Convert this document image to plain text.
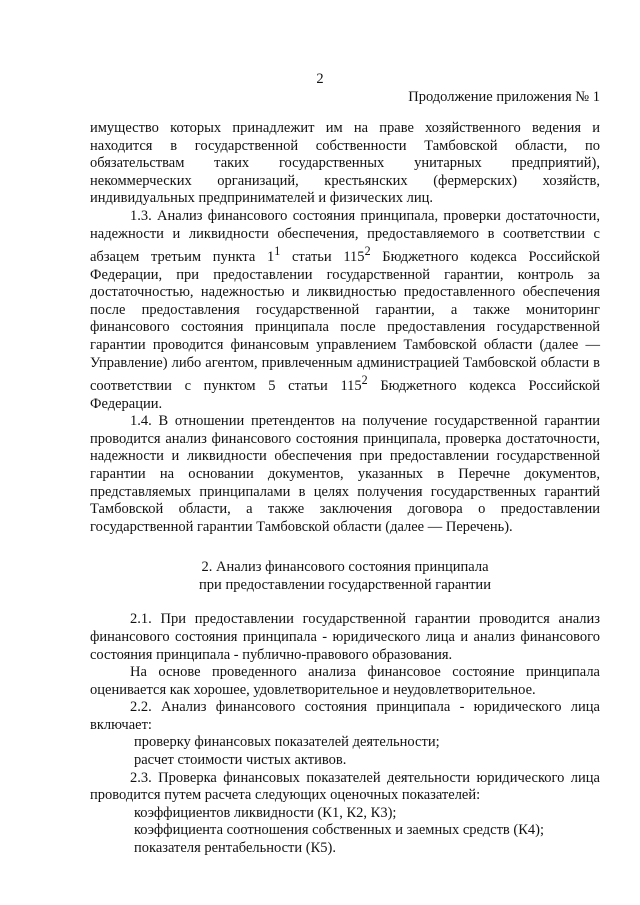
2
Продолжение приложения № 1

имущество которых принадлежит им на праве хозяйственного ведения и находится в государственной собственности Тамбовской области, по обязательствам таких государственных унитарных предприятий), некоммерческих организаций, крестьянских (фермерских) хозяйств, индивидуальных предпринимателей и физических лиц.

1.3. Анализ финансового состояния принципала, проверки достаточности, надежности и ликвидности обеспечения, предоставляемого в соответствии с абзацем третьим пункта $1^1$ статьи $115^2$ Бюджетного кодекса Российской Федерации, при предоставлении государственной гарантии, контроль за достаточностью, надежностью и ликвидностью предоставленного обеспечения после предоставления государственной гарантии, а также мониторинг финансового состояния принципала после предоставления государственной гарантии проводится финансовым управлением Тамбовской области (далее — Управление) либо агентом, привлеченным администрацией Тамбовской области в соответствии с пунктом 5 статьи $115^2$ Бюджетного кодекса Российской Федерации.

1.4. В отношении претендентов на получение государственной гарантии проводится анализ финансового состояния принципала, проверка достаточности, надежности и ликвидности обеспечения при предоставлении государственной гарантии на основании документов, указанных в Перечне документов, представляемых принципалами в целях получения государственных гарантий Тамбовской области, а также заключения договора о предоставлении государственной гарантии Тамбовской области (далее — Перечень).

2. Анализ финансового состояния принципала
при предоставлении государственной гарантии

2.1. При предоставлении государственной гарантии проводится анализ финансового состояния принципала - юридического лица и анализ финансового состояния принципала - публично-правового образования.

На основе проведенного анализа финансовое состояние принципала оценивается как хорошее, удовлетворительное и неудовлетворительное.

2.2. Анализ финансового состояния принципала - юридического лица включает:

проверку финансовых показателей деятельности;

расчет стоимости чистых активов.

2.3. Проверка финансовых показателей деятельности юридического лица проводится путем расчета следующих оценочных показателей:

коэффициентов ликвидности (К1, К2, К3);

коэффициента соотношения собственных и заемных средств (К4);

показателя рентабельности (К5).
